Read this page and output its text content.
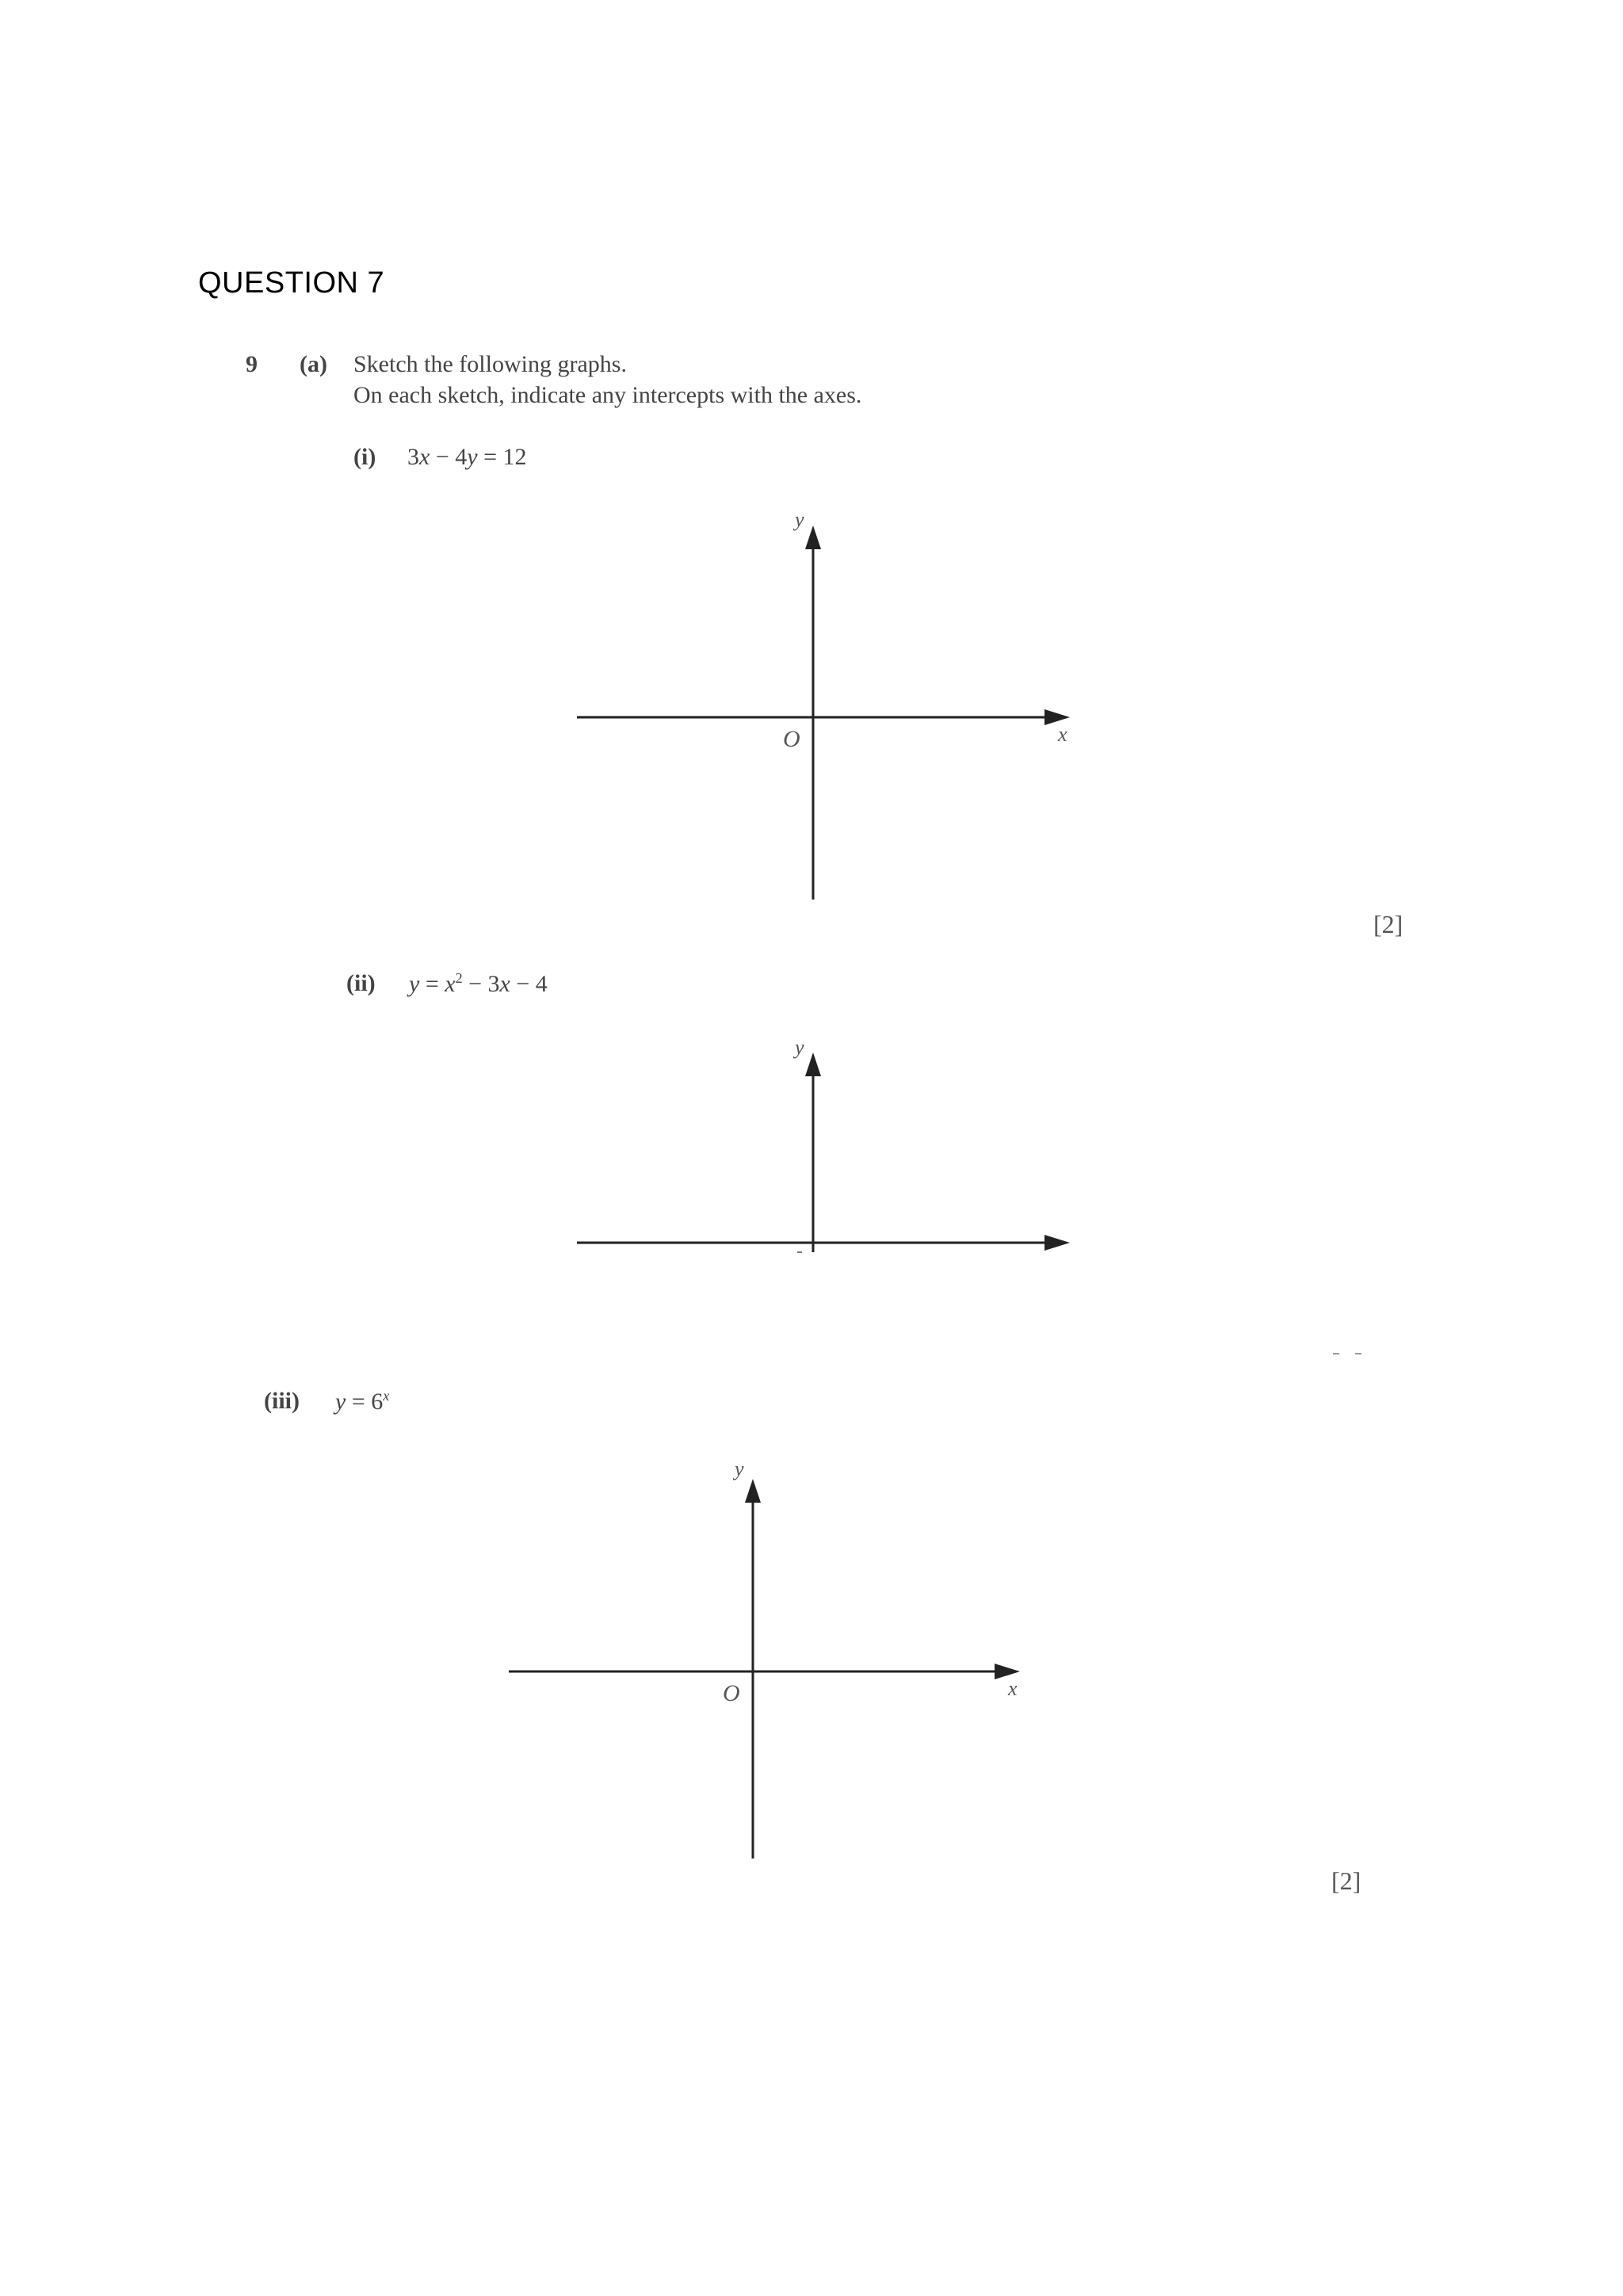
QUESTION 7
9 (a) Sketch the following graphs.
On each sketch, indicate any intercepts with the axes.
(i) 3x − 4y = 12
y
x
O
[2]
(ii) $y = x^2 - 3x - 4$
y
(iii) $y = 6^x$
y
x
O
[2]
